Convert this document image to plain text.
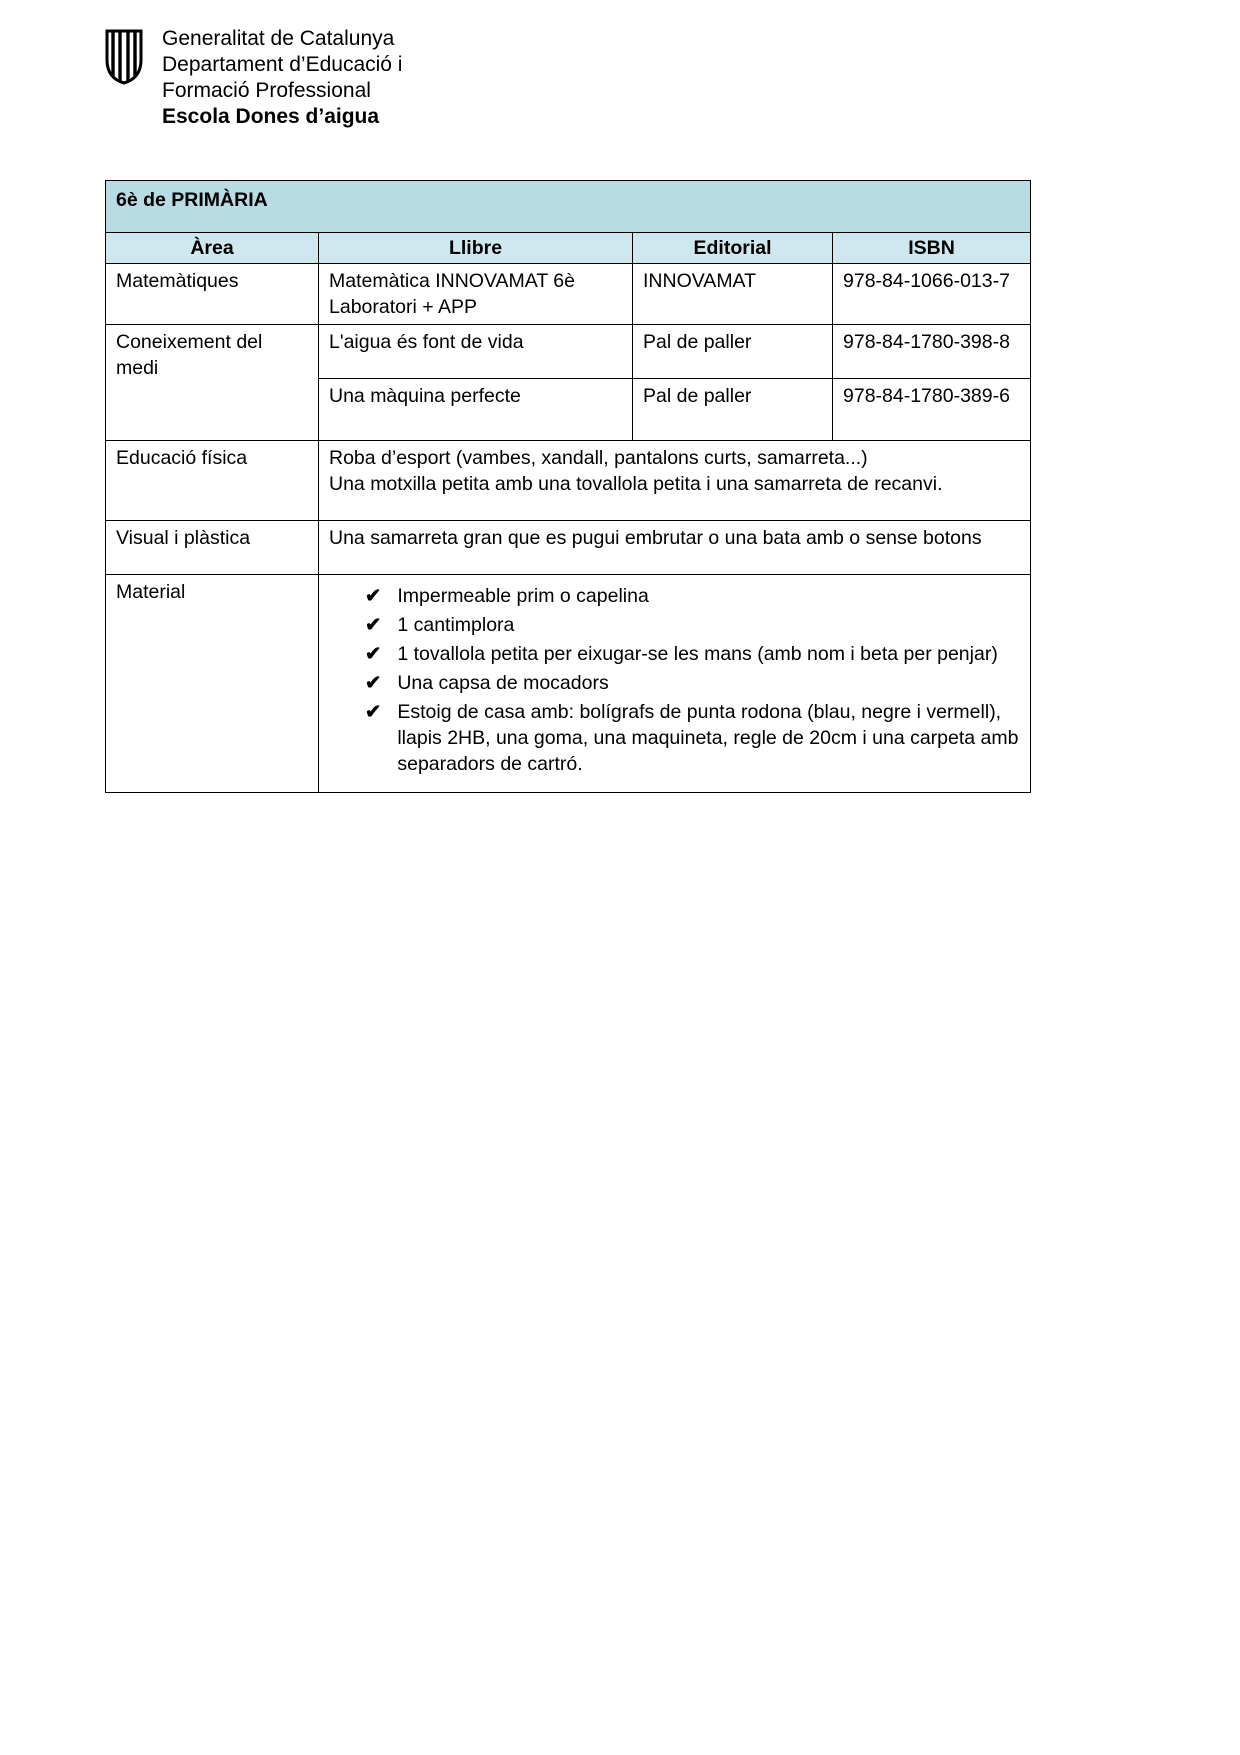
Generalitat de Catalunya
Departament d’Educació i
Formació Professional
Escola Dones d’aigua
6è de PRIMÀRIA			
Àrea	Llibre	Editorial	ISBN
Matemàtiques	Matemàtica INNOVAMAT 6è Laboratori + APP	INNOVAMAT	978-84-1066-013-7
Coneixement del medi	L'aigua és font de vida	Pal de paller	978-84-1780-398-8
	Una màquina perfecte	Pal de paller	978-84-1780-389-6
Educació física	Roba d’esport (vambes, xandall, pantalons curts, samarreta...)
Una motxilla petita amb una tovallola petita i una samarreta de recanvi.		

Visual i plàstica	Una samarreta gran que es pugui embrutar o una bata amb o sense botons		
Material	✔ Impermeable prim o capelina
✔ 1 cantimplora
✔ 1 tovallola petita per eixugar-se les mans (amb nom i beta per penjar)
✔ Una capsa de mocadors
✔ Estoig de casa amb: bolígrafs de punta rodona (blau, negre i vermell), llapis 2HB, una goma, una maquineta, regle de 20cm i una carpeta amb separadors de cartró.
